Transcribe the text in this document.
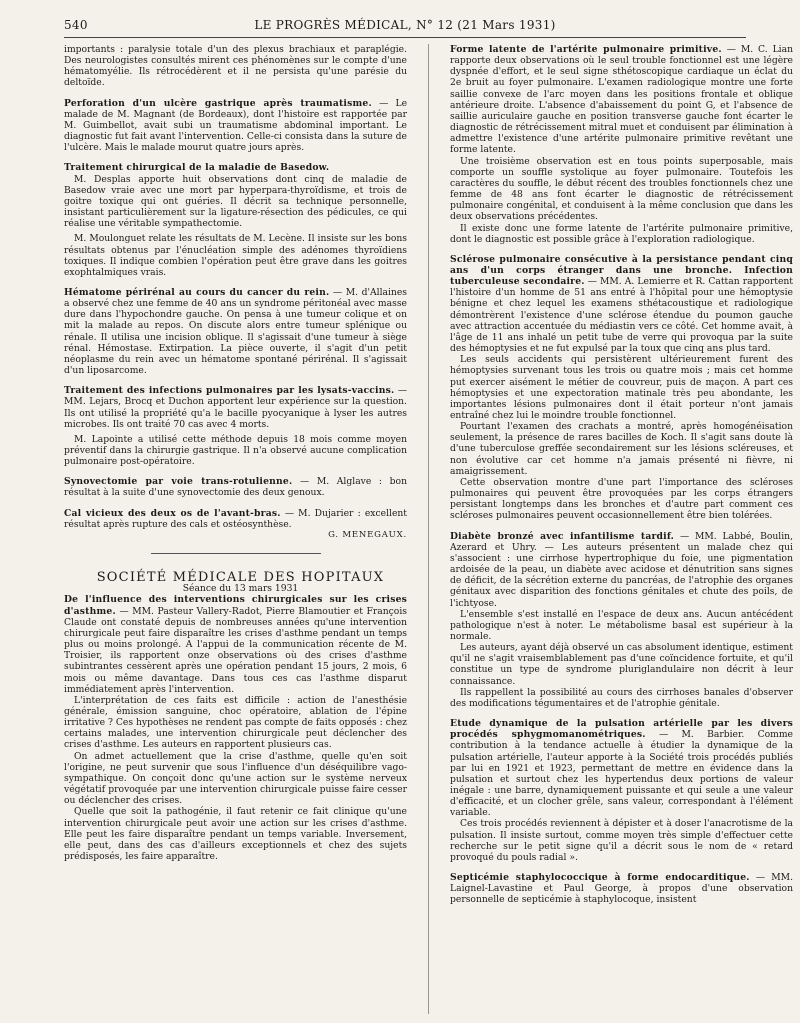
540	LE PROGRÈS MÉDICAL, N° 12 (21 Mars 1931)

importants : paralysie totale d'un des plexus brachiaux et paraplégie. Des neurologistes consultés mirent ces phénomènes sur le compte d'une hématomyélie. Ils rétrocédèrent et il ne persista qu'une parésie du deltoïde.

Perforation d'un ulcère gastrique après traumatisme. — Le malade de M. Magnant (de Bordeaux), dont l'histoire est rapportée par M. Guimbellot, avait subi un traumatisme abdominal important. Le diagnostic fut fait avant l'intervention. Celle-ci consista dans la suture de l'ulcère. Mais le malade mourut quatre jours après.

Traitement chirurgical de la maladie de Basedow.

M. Desplas apporte huit observations dont cinq de maladie de Basedow vraie avec une mort par hyperpara-thyroïdisme, et trois de goitre toxique qui ont guéries. Il décrit sa technique personnelle, insistant particulièrement sur la ligature-résection des pédicules, ce qui réalise une véritable sympathectomie.

M. Moulonguet relate les résultats de M. Lecène. Il insiste sur les bons résultats obtenus par l'énucléation simple des adénomes thyroïdiens toxiques. Il indique combien l'opération peut être grave dans les goitres exophtalmiques vrais.

Hématome périrénal au cours du cancer du rein. — M. d'Allaines a observé chez une femme de 40 ans un syndrome péritonéal avec masse dure dans l'hypochondre gauche. On pensa à une tumeur colique et on mit la malade au repos. On discute alors entre tumeur splénique ou rénale. Il utilisa une incision oblique. Il s'agissait d'une tumeur à siège rénal. Hémostase. Extirpation. La pièce ouverte, il s'agit d'un petit néoplasme du rein avec un hématome spontané périrénal. Il s'agissait d'un liposarcome.

Traitement des infections pulmonaires par les lysats-vaccins. — MM. Lejars, Brocq et Duchon apportent leur expérience sur la question. Ils ont utilisé la propriété qu'a le bacille pyocyanique à lyser les autres microbes. Ils ont traité 70 cas avec 4 morts.

M. Lapointe a utilisé cette méthode depuis 18 mois comme moyen préventif dans la chirurgie gastrique. Il n'a observé aucune complication pulmonaire post-opératoire.

Synovectomie par voie trans-rotulienne. — M. Alglave : bon résultat à la suite d'une synovectomie des deux genoux.

Cal vicieux des deux os de l'avant-bras. — M. Dujarier : excellent résultat après rupture des cals et ostéosynthèse.

G. MENEGAUX.

SOCIÉTÉ MÉDICALE DES HOPITAUX

Séance du 13 mars 1931

De l'influence des interventions chirurgicales sur les crises d'asthme. — MM. Pasteur Vallery-Radot, Pierre Blamoutier et François Claude ont constaté depuis de nombreuses années qu'une intervention chirurgicale peut faire disparaître les crises d'asthme pendant un temps plus ou moins prolongé. A l'appui de la communication récente de M. Troisier, ils rapportent onze observations où des crises d'asthme subintrantes cessèrent après une opération pendant 15 jours, 2 mois, 6 mois ou même davantage. Dans tous ces cas l'asthme disparut immédiatement après l'intervention.

L'interprétation de ces faits est difficile : action de l'anesthésie générale, émission sanguine, choc opératoire, ablation de l'épine irritative ? Ces hypothèses ne rendent pas compte de faits opposés : chez certains malades, une intervention chirurgicale peut déclencher des crises d'asthme. Les auteurs en rapportent plusieurs cas.

On admet actuellement que la crise d'asthme, quelle qu'en soit l'origine, ne peut survenir que sous l'influence d'un déséquilibre vago-sympathique. On conçoit donc qu'une action sur le système nerveux végétatif provoquée par une intervention chirurgicale puisse faire cesser ou déclencher des crises.

Quelle que soit la pathogénie, il faut retenir ce fait clinique qu'une intervention chirurgicale peut avoir une action sur les crises d'asthme. Elle peut les faire disparaître pendant un temps variable. Inversement, elle peut, dans des cas d'ailleurs exceptionnels et chez des sujets prédisposés, les faire apparaître.

Forme latente de l'artérite pulmonaire primitive. — M. C. Lian rapporte deux observations où le seul trouble fonctionnel est une légère dyspnée d'effort, et le seul signe sthétoscopique cardiaque un éclat du 2e bruit au foyer pulmonaire. L'examen radiologique montre une forte saillie convexe de l'arc moyen dans les positions frontale et oblique antérieure droite. L'absence d'abaissement du point G, et l'absence de saillie auriculaire gauche en position transverse gauche font écarter le diagnostic de rétrécissement mitral muet et conduisent par élimination à admettre l'existence d'une artérite pulmonaire primitive revêtant une forme latente.

Une troisième observation est en tous points superposable, mais comporte un souffle systolique au foyer pulmonaire. Toutefois les caractères du souffle, le début récent des troubles fonctionnels chez une femme de 48 ans font écarter le diagnostic de rétrécissement pulmonaire congénital, et conduisent à la même conclusion que dans les deux observations précédentes.

Il existe donc une forme latente de l'artérite pulmonaire primitive, dont le diagnostic est possible grâce à l'exploration radiologique.

Sclérose pulmonaire consécutive à la persistance pendant cinq ans d'un corps étranger dans une bronche. Infection tuberculeuse secondaire. — MM. A. Lemierre et R. Cattan rapportent l'histoire d'un homme de 51 ans entré à l'hôpital pour une hémoptysie bénigne et chez lequel les examens sthétacoustique et radiologique démontrèrent l'existence d'une sclérose étendue du poumon gauche avec attraction accentuée du médiastin vers ce côté. Cet homme avait, à l'âge de 11 ans inhalé un petit tube de verre qui provoqua par la suite des hémoptysies et ne fut expulsé par la toux que cinq ans plus tard.

Les seuls accidents qui persistèrent ultérieurement furent des hémoptysies survenant tous les trois ou quatre mois ; mais cet homme put exercer aisément le métier de couvreur, puis de maçon. A part ces hémoptysies et une expectoration matinale très peu abondante, les importantes lésions pulmonaires dont il était porteur n'ont jamais entraîné chez lui le moindre trouble fonctionnel.

Pourtant l'examen des crachats a montré, après homogénéisation seulement, la présence de rares bacilles de Koch. Il s'agit sans doute là d'une tuberculose greffée secondairement sur les lésions scléreuses, et non évolutive car cet homme n'a jamais présenté ni fièvre, ni amaigrissement.

Cette observation montre d'une part l'importance des scléroses pulmonaires qui peuvent être provoquées par les corps étrangers persistant longtemps dans les bronches et d'autre part comment ces scléroses pulmonaires peuvent occasionnellement être bien tolérées.

Diabète bronzé avec infantilisme tardif. — MM. Labbé, Boulin, Azerard et Uhry. — Les auteurs présentent un malade chez qui s'associent : une cirrhose hypertrophique du foie, une pigmentation ardoisée de la peau, un diabète avec acidose et dénutrition sans signes de déficit, de la sécrétion externe du pancréas, de l'atrophie des organes génitaux avec disparition des fonctions génitales et chute des poils, de l'ichtyose.

L'ensemble s'est installé en l'espace de deux ans. Aucun antécédent pathologique n'est à noter. Le métabolisme basal est supérieur à la normale.

Les auteurs, ayant déjà observé un cas absolument identique, estiment qu'il ne s'agit vraisemblablement pas d'une coïncidence fortuite, et qu'il constitue un type de syndrome pluriglandulaire non décrit à leur connaissance.

Ils rappellent la possibilité au cours des cirrhoses banales d'observer des modifications tégumentaires et de l'atrophie génitale.

Etude dynamique de la pulsation artérielle par les divers procédés sphygmomanométriques. — M. Barbier. Comme contribution à la tendance actuelle à étudier la dynamique de la pulsation artérielle, l'auteur apporte à la Société trois procédés publiés par lui en 1921 et 1923, permettant de mettre en évidence dans la pulsation et surtout chez les hypertendus deux portions de valeur inégale : une barre, dynamiquement puissante et qui seule a une valeur d'efficacité, et un clocher grêle, sans valeur, correspondant à l'élément variable.

Ces trois procédés reviennent à dépister et à doser l'anacrotisme de la pulsation. Il insiste surtout, comme moyen très simple d'effectuer cette recherche sur le petit signe qu'il a décrit sous le nom de « retard provoqué du pouls radial ».

Septicémie staphylococcique à forme endocarditique. — MM. Laignel-Lavastine et Paul George, à propos d'une observation personnelle de septicémie à staphylocoque, insistent
